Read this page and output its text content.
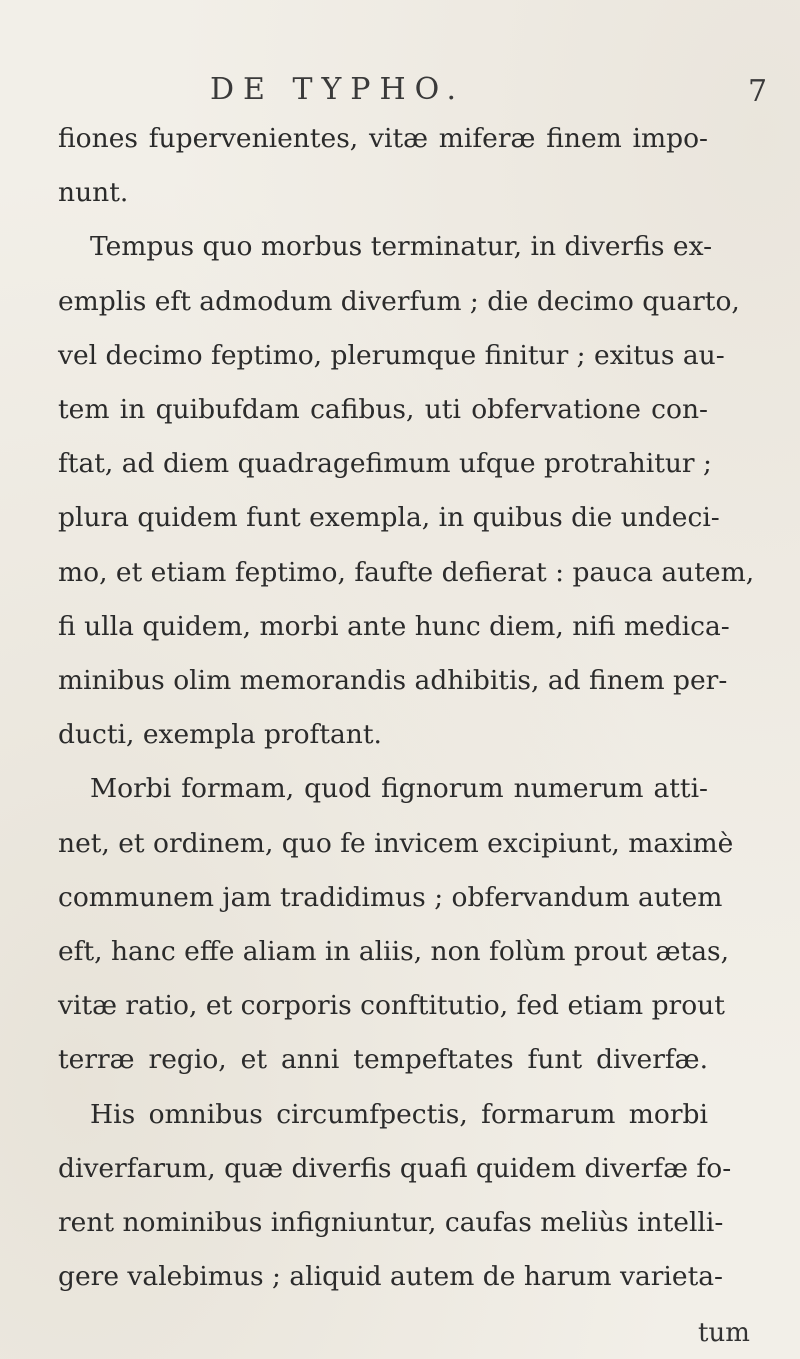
DE TYPHO.	7
fiones fupervenientes, vitæ miferæ finem impo-
nunt.
Tempus quo morbus terminatur, in diverfis ex-
emplis eft admodum diverfum ; die decimo quarto,
vel decimo feptimo, plerumque finitur ; exitus au-
tem in quibufdam cafibus, uti obfervatione con-
ftat, ad diem quadragefimum ufque protrahitur ;
plura quidem funt exempla, in quibus die undeci-
mo, et etiam feptimo, faufte defierat : pauca autem,
fi ulla quidem, morbi ante hunc diem, nifi medica-
minibus olim memorandis adhibitis, ad finem per-
ducti, exempla proftant.
Morbi formam, quod fignorum numerum atti-
net, et ordinem, quo fe invicem excipiunt, maximè
communem jam tradidimus ; obfervandum autem
eft, hanc effe aliam in aliis, non folùm prout ætas,
vitæ ratio, et corporis conftitutio, fed etiam prout
terræ regio, et anni tempeftates funt diverfæ.
His omnibus circumfpectis, formarum morbi
diverfarum, quæ diverfis quafi quidem diverfæ fo-
rent nominibus infigniuntur, caufas meliùs intelli-
gere valebimus ; aliquid autem de harum varieta-
tum
